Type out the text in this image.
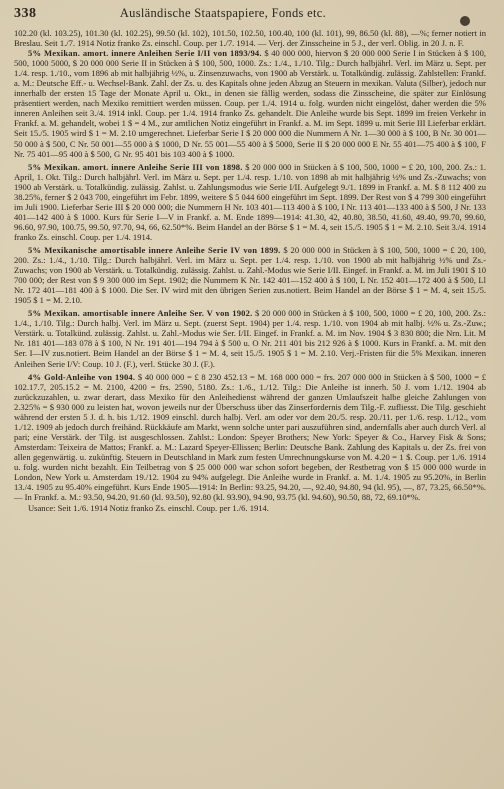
338	Ausländische Staatspapiere, Fonds etc.

102.20 (kl. 103.25), 101.30 (kl. 102.25), 99.50 (kl. 102), 101.50, 102.50, 100.40, 100 (kl. 101), 99, 86.50 (kl. 88), —%; ferner notiert in Breslau. Seit 1./7. 1914 Notiz franko Zs. einschl. Coup. per 1./7. 1914. — Verj. der Zinsscheine in 5 J., der verl. Oblig. in 20 J. n. F.

5% Mexikan. amort. innere Anleihen Serie I/II von 1893/94. $ 40 000 000, hiervon $ 20 000 000 Serie I in Stücken à $ 100, 500, 1000 5000, $ 20 000 000 Serie II in Stücken à $ 100, 500, 1000. Zs.: 1./4., 1./10. Tilg.: Durch halbjährl. Verl. im März u. Sept. per 1./4. resp. 1./10., vom 1896 ab mit halbjährig ½%, u. Zinsenzuwachs, von 1900 ab Verstärk. u. Totalkündig. zulässig. Zahlstellen: Frankf. a. M.: Deutsche Eff.- u. Wechsel-Bank. Zahl. der Zs. u. des Kapitals ohne jeden Abzug an Steuern in mexikan. Valuta (Silber), jedoch nur innerhalb der ersten 15 Tage der Monate April u. Okt., in denen sie fällig werden, sodass die Zinsscheine, die später zur Einlösung präsentiert werden, nach Mexiko remittiert werden müssen. Coup. per 1./4. 1914 u. folg. wurden nicht eingelöst, daher werden die 5% inneren Anleihen seit 3./4. 1914 inkl. Coup. per 1./4. 1914 franko Zs. gehandelt. Die Anleihe wurde bis Sept. 1899 im freien Verkehr in Frankf. a. M. gehandelt, wobei 1 $ = 4 M., zur amtlichen Notiz eingeführt in Frankf. a. M. im Sept. 1899 u. mit Serie III Lieferbar erklärt. Seit 15./5. 1905 wird $ 1 = M. 2.10 umgerechnet. Lieferbar Serie I $ 20 000 000 die Nummern A Nr. 1—30 000 à $ 100, B Nr. 30 001—50 000 à $ 500, C Nr. 50 001—55 000 à $ 1000, D Nr. 55 001—55 400 à $ 5000, Serie II $ 20 000 000 E Nr. 55 401—75 400 à $ 100, F Nr. 75 401—95 400 à $ 500, G Nr. 95 401 bis 103 400 à $ 1000.

5% Mexikan. amort. innere Anleihe Serie III von 1898. $ 20 000 000 in Stücken à $ 100, 500, 1000 = £ 20, 100, 200. Zs.: 1. April, 1. Okt. Tilg.: Durch halbjährl. Verl. im März u. Sept. per 1./4. resp. 1./10. von 1898 ab mit halbjährig ½% und Zs.-Zuwachs; von 1900 ab Verstärk. u. Totalkündig. zulässig. Zahlst. u. Zahlungsmodus wie Serie I/II. Aufgelegt 9./1. 1899 in Frankf. a. M. $ 8 112 400 zu 38.25%, ferner $ 2 043 700, eingeführt im Febr. 1899, weitere $ 5 044 600 eingeführt im Sept. 1899. Der Rest von $ 4 799 300 eingeführt im Juli 1900. Lieferbar Serie III $ 20 000 000; die Nummern H Nr. 103 401—113 400 à $ 100, I Nr. 113 401—133 400 à $ 500, J Nr. 133 401—142 400 à $ 1000. Kurs für Serie I—V in Frankf. a. M. Ende 1899—1914: 41.30, 42, 40.80, 38.50, 41.60, 49.40, 99.70, 99.60, 96.60, 97.90, 100.75, 99.50, 97.70, 94, 66, 62.50*%. Beim Handel an der Börse $ 1 = M. 4, seit 15./5. 1905 $ 1 = M. 2.10. Seit 3./4. 1914 franko Zs. einschl. Coup. per 1./4. 1914.

5% Mexikanische amortisable innere Anleihe Serie IV von 1899. $ 20 000 000 in Stücken à $ 100, 500, 1000 = £ 20, 100, 200. Zs.: 1./4., 1./10. Tilg.: Durch halbjährl. Verl. im März u. Sept. per 1./4. resp. 1./10. von 1900 ab mit halbjährig ½% und Zs.-Zuwachs; von 1900 ab Verstärk. u. Totalkündig. zulässig. Zahlst. u. Zahl.-Modus wie Serie I/II. Eingef. in Frankf. a. M. im Juli 1901 $ 10 700 000; der Rest von $ 9 300 000 im Sept. 1902; die Nummern K Nr. 142 401—152 400 à $ 100, L Nr. 152 401—172 400 à $ 500, Ll Nr. 172 401—181 400 à $ 1000. Die Ser. IV wird mit den übrigen Serien zus.notiert. Beim Handel an der Börse $ 1 = M. 4, seit 15./5. 1905 $ 1 = M. 2.10.

5% Mexikan. amortisable innere Anleihe Ser. V von 1902. $ 20 000 000 in Stücken à $ 100, 500, 1000 = £ 20, 100, 200. Zs.: 1./4., 1./10. Tilg.: Durch halbj. Verl. im März u. Sept. (zuerst Sept. 1904) per 1./4. resp. 1./10. von 1904 ab mit halbj. ½% u. Zs.-Zuw.; Verstärk. u. Totalkünd. zulässig. Zahlst. u. Zahl.-Modus wie Ser. I/II. Eingef. in Frankf. a. M. im Nov. 1904 $ 3 830 800; die Nrn. Lit. M Nr. 181 401—183 078 à $ 100, N Nr. 191 401—194 794 à $ 500 u. O Nr. 211 401 bis 212 926 à $ 1000. Kurs in Frankf. a. M. mit den Ser. I—IV zus.notiert. Beim Handel an der Börse $ 1 = M. 4, seit 15./5. 1905 $ 1 = M. 2.10. Verj.-Fristen für die 5% Mexikan. inneren Anleihen Serie I/V: Coup. 10 J. (F.), verl. Stücke 30 J. (F.).

4% Gold-Anleihe von 1904. $ 40 000 000 = £ 8 230 452.13 = M. 168 000 000 = frs. 207 000 000 in Stücken à $ 500, 1000 = £ 102.17.7, 205.15.2 = M. 2100, 4200 = frs. 2590, 5180. Zs.: 1./6., 1./12. Tilg.: Die Anleihe ist innerh. 50 J. vom 1./12. 1904 ab zurückzuzahlen, u. zwar derart, dass Mexiko für den Anleihedienst während der ganzen Umlaufszeit halbe gleiche Zahlungen von 2.325% = $ 930 000 zu leisten hat, wovon jeweils nur der Überschuss über das Zinserfordernis dem Tilg.-F. zufliesst. Die Tilg. geschieht während der ersten 5 J. d. h. bis 1./12. 1909 einschl. durch halbj. Verl. am oder vor dem 20./5. resp. 20./11. per 1./6. resp. 1./12., vom 1./12. 1909 ab jedoch durch freihänd. Rückkäufe am Markt, wenn solche unter pari auszuführen sind, andernfalls aber auch durch Verl. al pari; eine Verstärk. der Tilg. ist ausgeschlossen. Zahlst.: London: Speyer Brothers; New York: Speyer & Co., Harvey Fisk & Sons; Amsterdam: Teixeira de Mattos; Frankf. a. M.: Lazard Speyer-Ellissen; Berlin: Deutsche Bank. Zahlung des Kapitals u. der Zs. frei von allen gegenwärtig. u. zukünftig. Steuern in Deutschland in Mark zum festen Umrechnungskurse von M. 4.20 = 1 $. Coup. per 1./6. 1914 u. folg. wurden nicht bezahlt. Ein Teilbetrag von $ 25 000 000 war schon sofort begeben, der Restbetrag von $ 15 000 000 wurde in London, New York u. Amsterdam 19./12. 1904 zu 94% aufgelegt. Die Anleihe wurde in Frankf. a. M. 1./4. 1905 zu 95.20%, in Berlin 13./4. 1905 zu 95.40% eingeführt. Kurs Ende 1905—1914: In Berlin: 93.25, 94.20, —, 92.40, 94.80, 94 (kl. 95), —, 87, 73.25, 66.50*%. — In Frankf. a. M.: 93.50, 94.20, 91.60 (kl. 93.50), 92.80 (kl. 93.90), 94.90, 93.75 (kl. 94.60), 90.50, 88, 72, 69.10*%.

Usance: Seit 1./6. 1914 Notiz franko Zs. einschl. Coup. per 1./6. 1914.
